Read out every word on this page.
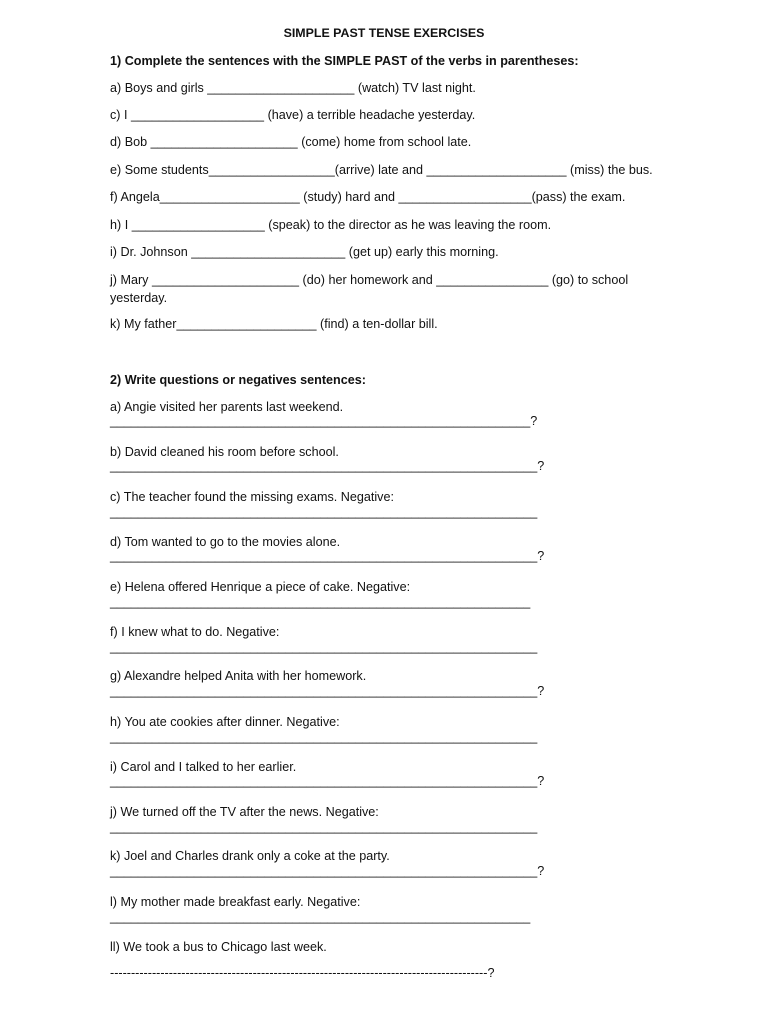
SIMPLE PAST TENSE EXERCISES
1) Complete the sentences with the SIMPLE PAST of the verbs in parentheses:
a) Boys and girls _____________________ (watch) TV last night.
c) I ___________________ (have) a terrible headache yesterday.
d) Bob _____________________ (come) home from school late.
e) Some students__________________(arrive) late and ____________________ (miss) the bus.
f) Angela____________________ (study) hard and ___________________(pass) the exam.
h) I ___________________ (speak) to the director as he was leaving the room.
i) Dr. Johnson ______________________ (get up) early this morning.
j) Mary _____________________ (do) her homework and ________________ (go) to school yesterday.
k) My father____________________ (find) a ten-dollar bill.
2) Write questions or negatives sentences:
a) Angie visited her parents last weekend.
____________________________________________________________?
b) David cleaned his room before school.
_____________________________________________________________?
c) The teacher found the missing exams. Negative:
_____________________________________________________________
d) Tom wanted to go to the movies alone.
_____________________________________________________________?
e) Helena offered Henrique a piece of cake. Negative:
____________________________________________________________
f) I knew what to do. Negative:
_____________________________________________________________
g) Alexandre helped Anita with her homework.
_____________________________________________________________?
h) You ate cookies after dinner. Negative:
_____________________________________________________________
i) Carol and I talked to her earlier.
_____________________________________________________________?
j) We turned off the TV after the news. Negative:
_____________________________________________________________
k) Joel and Charles drank only a coke at the party.
_____________________________________________________________?
l) My mother made breakfast early. Negative:
____________________________________________________________
ll) We took a bus to Chicago last week.
------------------------------------------------------------------------------------------?
